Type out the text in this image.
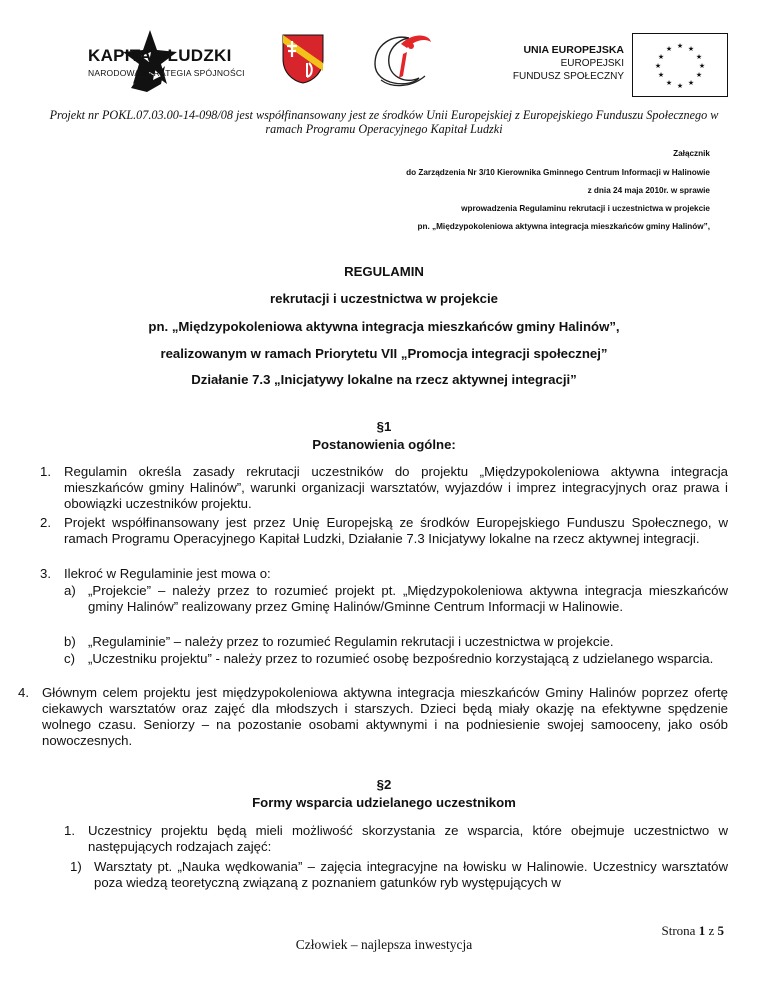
KAPITAŁ LUDZKI
NARODOWA STRATEGIA SPÓJNOŚCI
UNIA EUROPEJSKA
EUROPEJSKI
FUNDUSZ SPOŁECZNY
★ ★
★
★
★
★
★
★
★
★
★
★
Projekt nr POKL.07.03.00-14-098/08 jest współfinansowany jest ze środków Unii Europejskiej z Europejskiego Funduszu Społecznego w ramach Programu Operacyjnego Kapitał Ludzki
Załącznik
do Zarządzenia Nr 3/10 Kierownika Gminnego Centrum Informacji w Halinowie
z dnia 24 maja 2010r. w sprawie
wprowadzenia Regulaminu rekrutacji i uczestnictwa w projekcie
pn. „Międzypokoleniowa aktywna integracja mieszkańców gminy Halinów”,
REGULAMIN
rekrutacji i uczestnictwa w projekcie
pn. „Międzypokoleniowa aktywna integracja mieszkańców gminy Halinów”,
realizowanym w ramach Priorytetu VII „Promocja integracji społecznej”
Działanie 7.3 „Inicjatywy lokalne na rzecz aktywnej integracji”
§1
Postanowienia ogólne:
1. Regulamin określa zasady rekrutacji uczestników do projektu „Międzypokoleniowa aktywna integracja mieszkańców gminy Halinów”, warunki organizacji warsztatów, wyjazdów i imprez integracyjnych oraz prawa i obowiązki uczestników projektu.
2. Projekt współfinansowany jest przez Unię Europejską ze środków Europejskiego Funduszu Społecznego, w ramach Programu Operacyjnego Kapitał Ludzki, Działanie 7.3 Inicjatywy lokalne na rzecz aktywnej integracji.
3. Ilekroć w Regulaminie jest mowa o:
a) „Projekcie” – należy przez to rozumieć projekt pt. „Międzypokoleniowa aktywna integracja mieszkańców gminy Halinów” realizowany przez Gminę Halinów/Gminne Centrum Informacji w Halinowie.
b) „Regulaminie” – należy przez to rozumieć Regulamin rekrutacji i uczestnictwa w projekcie.
c) „Uczestniku projektu” - należy przez to rozumieć osobę bezpośrednio korzystającą z udzielanego wsparcia.
4. Głównym celem projektu jest międzypokoleniowa aktywna integracja mieszkańców Gminy Halinów poprzez ofertę ciekawych warsztatów oraz zajęć dla młodszych i starszych. Dzieci będą miały okazję na efektywne spędzenie wolnego czasu. Seniorzy – na pozostanie osobami aktywnymi i na podniesienie swojej samooceny, jako osób nowoczesnych.
§2
Formy wsparcia udzielanego uczestnikom
1. Uczestnicy projektu będą mieli możliwość skorzystania ze wsparcia, które obejmuje uczestnictwo w następujących rodzajach zajęć:
1) Warsztaty pt. „Nauka wędkowania” – zajęcia integracyjne na łowisku w Halinowie. Uczestnicy warsztatów poza wiedzą teoretyczną związaną z poznaniem gatunków ryb występujących w
Strona 1 z 5
Człowiek – najlepsza inwestycja
